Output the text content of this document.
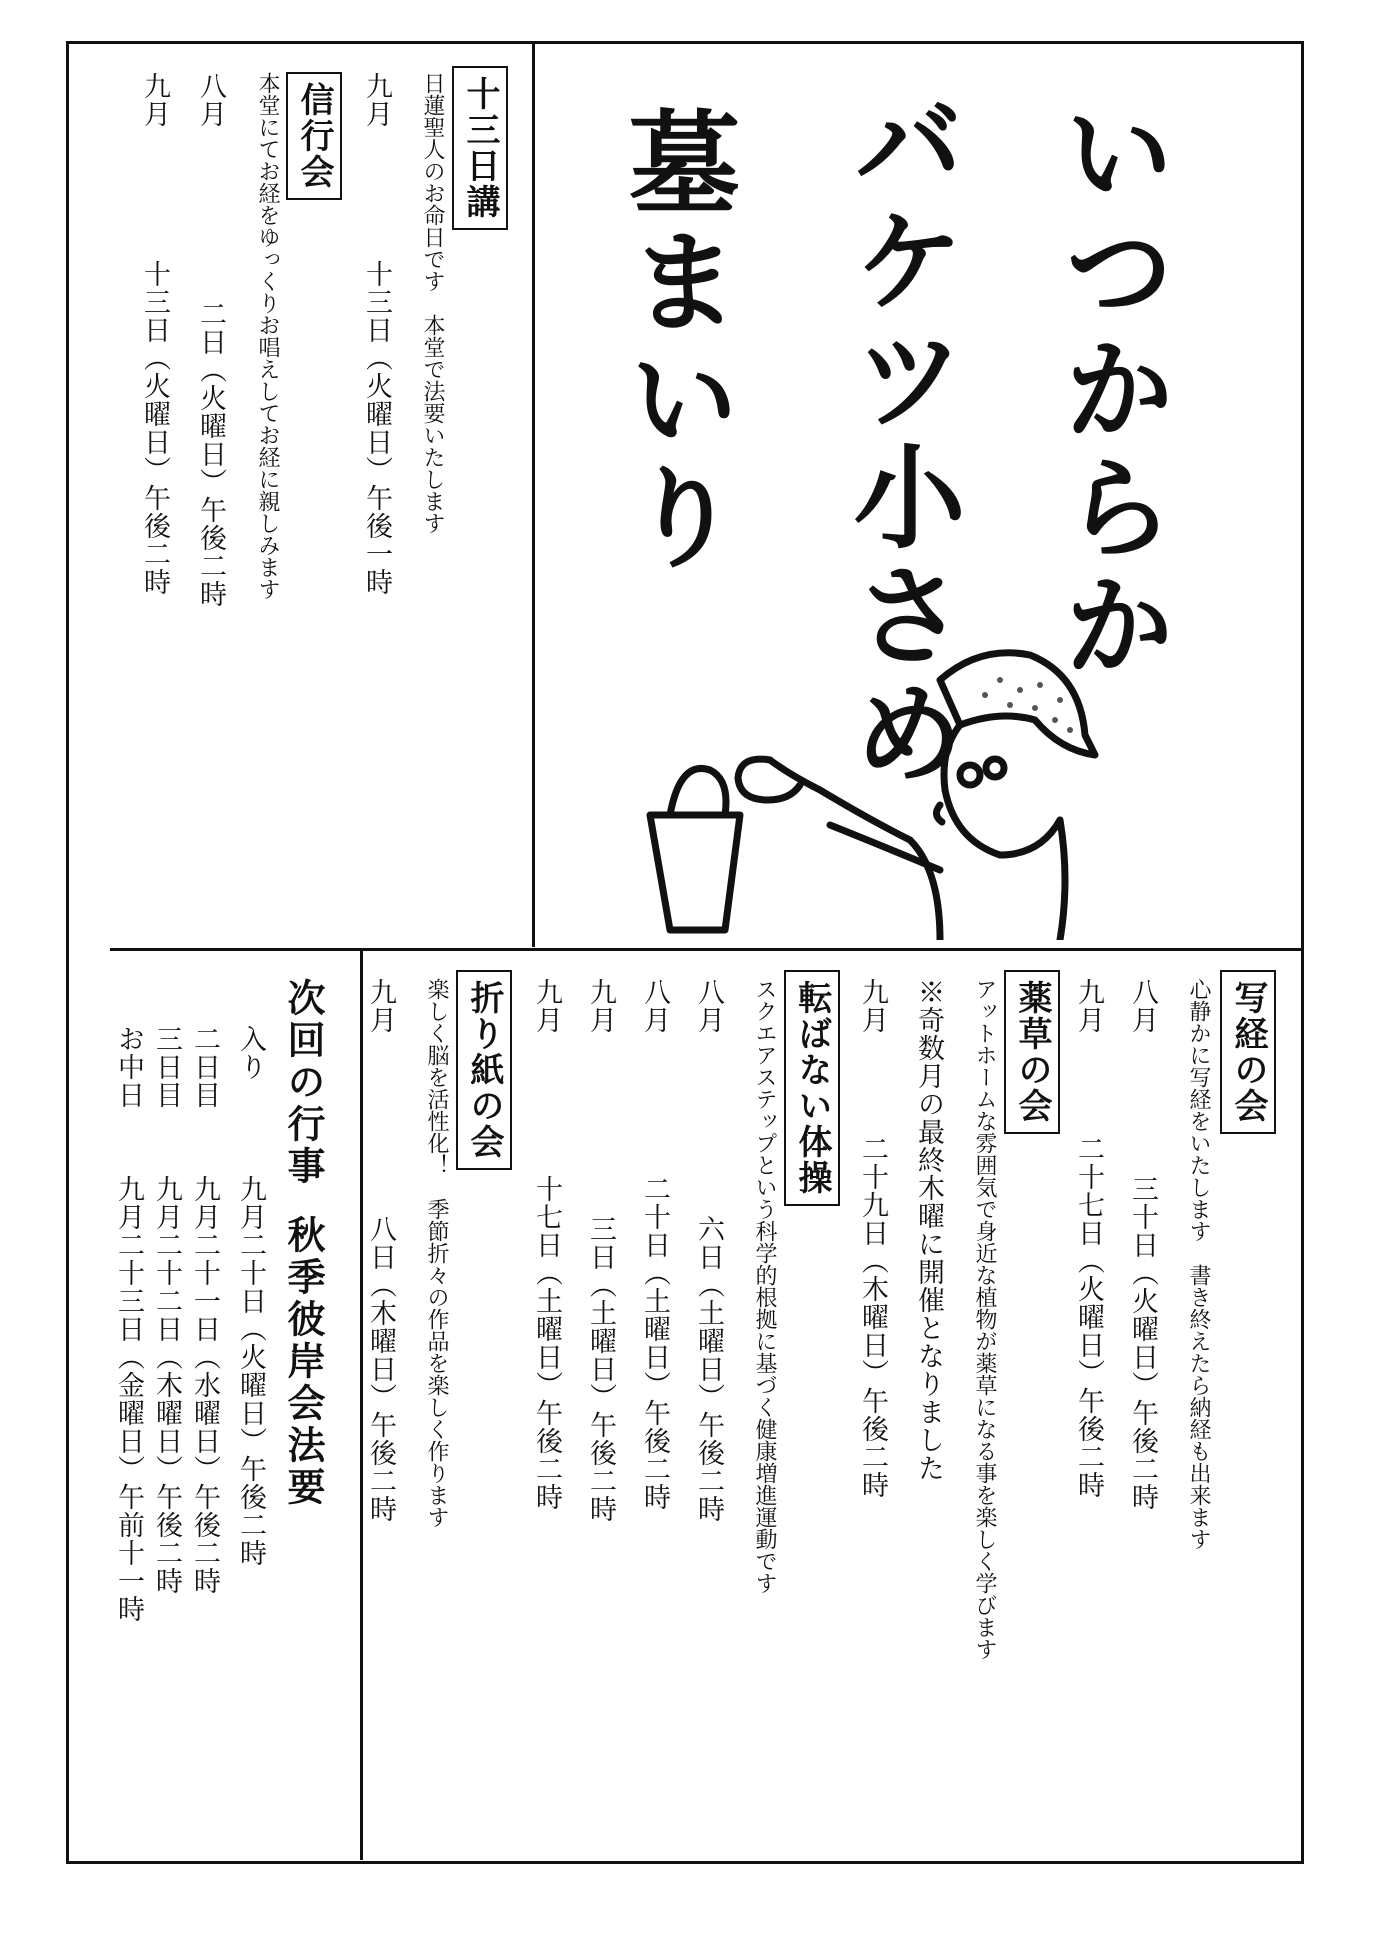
いつからか
バケツ小さめ
墓まいり
十三日講
日蓮聖人のお命日です　本堂で法要いたします
九月
十三日（火曜日）午後一時
信行会
本堂にてお経をゆっくりお唱えしてお経に親しみます
八月
二日（火曜日）午後二時
九月
十三日（火曜日）午後二時
写経の会
心静かに写経をいたします　書き終えたら納経も出来ます
八月
三十日（火曜日）午後二時
九月
二十七日（火曜日）午後二時
薬草の会
アットホームな雰囲気で身近な植物が薬草になる事を楽しく学びます
※奇数月の最終木曜に開催となりました
九月
二十九日（木曜日）午後二時
転ばない体操
スクエアステップという科学的根拠に基づく健康増進運動です
八月
六日（土曜日）午後二時
八月
二十日（土曜日）午後二時
九月
三日（土曜日）午後二時
九月
十七日（土曜日）午後二時
折り紙の会
楽しく脳を活性化！　季節折々の作品を楽しく作ります
九月
八日（木曜日）午後二時
次回の行事
秋季彼岸会法要
入り
九月二十日（火曜日）午後二時
二日目
九月二十一日（水曜日）午後二時
三日目
九月二十二日（木曜日）午後二時
お中日
九月二十三日（金曜日）午前十一時
